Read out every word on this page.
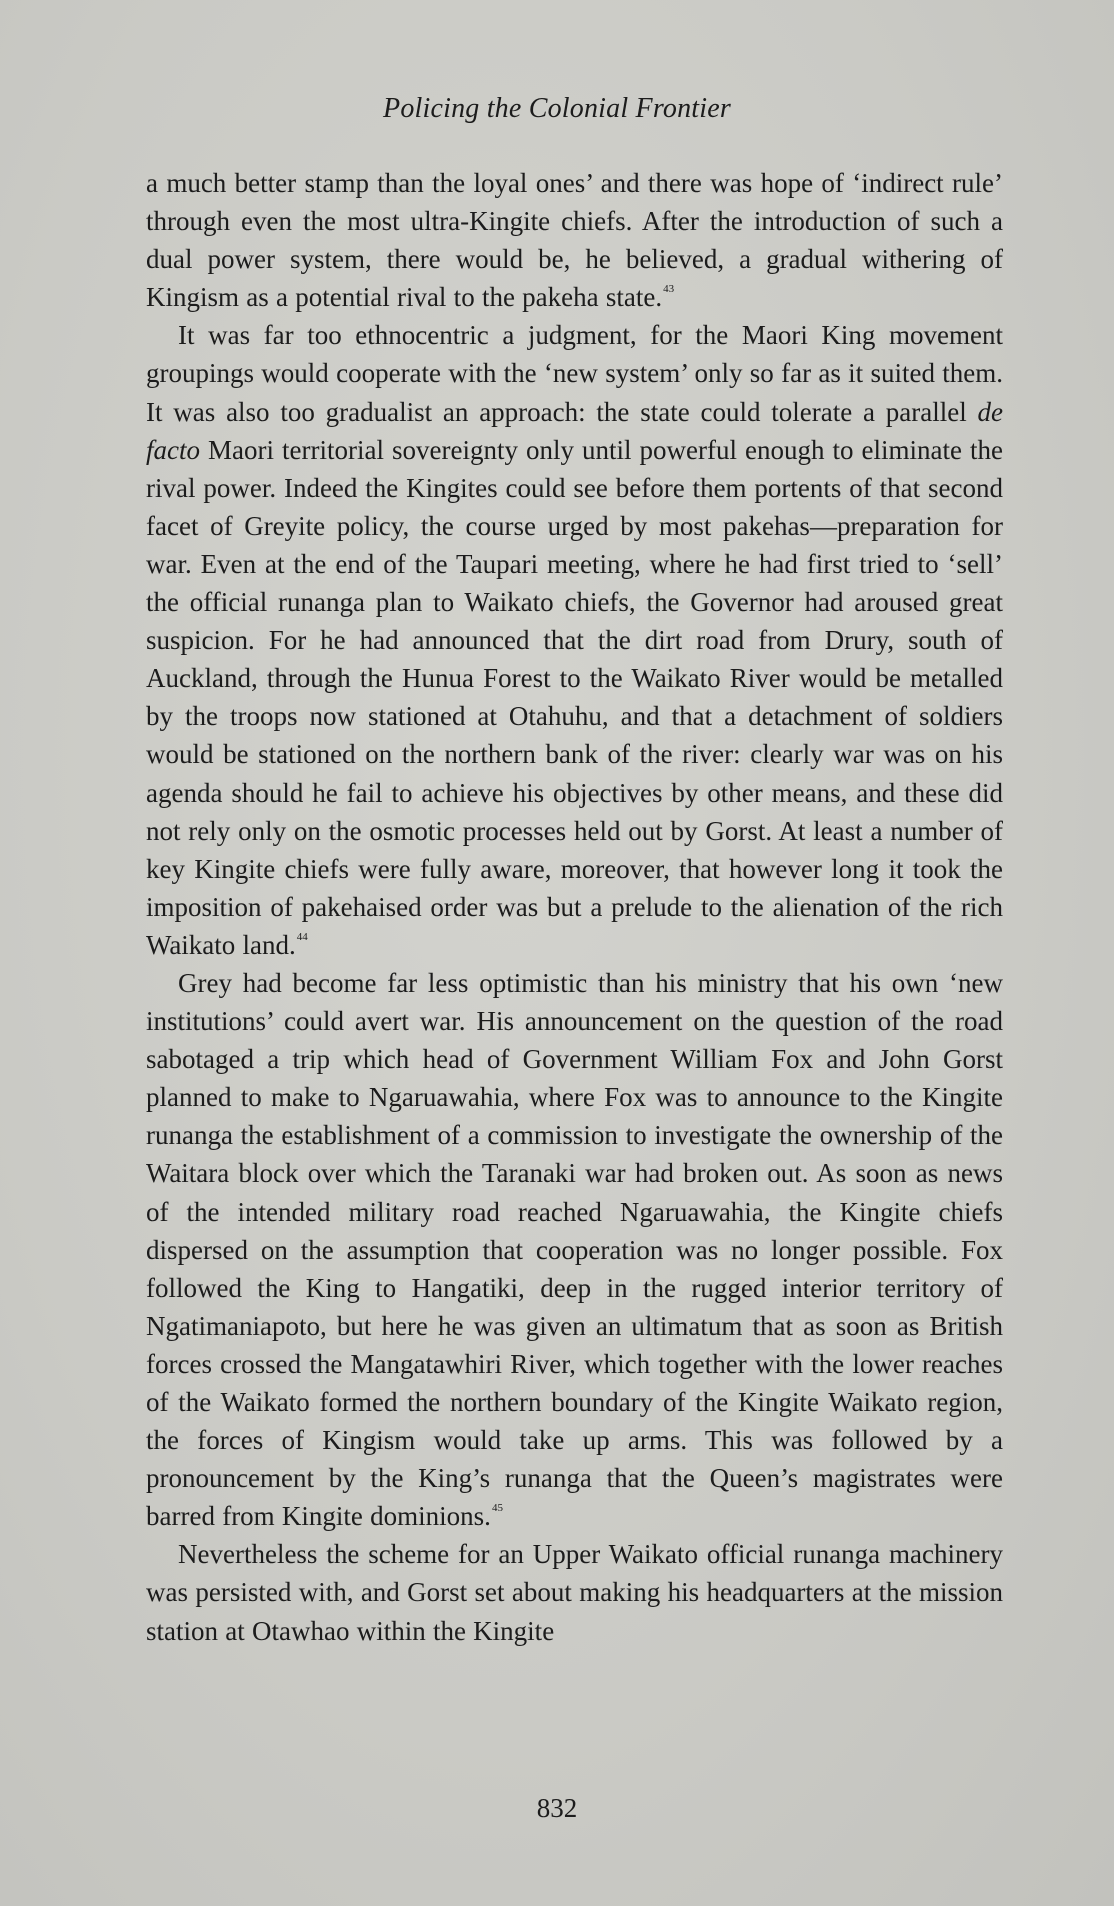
Policing the Colonial Frontier

a much better stamp than the loyal ones’ and there was hope of ‘indirect rule’ through even the most ultra-Kingite chiefs. After the introduction of such a dual power system, there would be, he believed, a gradual withering of Kingism as a potential rival to the pakeha state.$^{43}$

It was far too ethnocentric a judgment, for the Maori King movement groupings would cooperate with the ‘new system’ only so far as it suited them. It was also too gradualist an approach: the state could tolerate a parallel de facto Maori territorial sovereignty only until powerful enough to eliminate the rival power. Indeed the Kingites could see before them portents of that second facet of Greyite policy, the course urged by most pakehas—preparation for war. Even at the end of the Taupari meeting, where he had first tried to ‘sell’ the official runanga plan to Waikato chiefs, the Governor had aroused great suspicion. For he had announced that the dirt road from Drury, south of Auckland, through the Hunua Forest to the Waikato River would be metalled by the troops now stationed at Otahuhu, and that a detachment of soldiers would be stationed on the northern bank of the river: clearly war was on his agenda should he fail to achieve his objectives by other means, and these did not rely only on the osmotic processes held out by Gorst. At least a number of key Kingite chiefs were fully aware, moreover, that however long it took the imposition of pakehaised order was but a prelude to the alienation of the rich Waikato land.$^{44}$

Grey had become far less optimistic than his ministry that his own ‘new institutions’ could avert war. His announcement on the question of the road sabotaged a trip which head of Government William Fox and John Gorst planned to make to Ngaruawahia, where Fox was to announce to the Kingite runanga the establishment of a commission to investigate the ownership of the Waitara block over which the Taranaki war had broken out. As soon as news of the intended military road reached Ngaruawahia, the Kingite chiefs dispersed on the assumption that cooperation was no longer possible. Fox followed the King to Hangatiki, deep in the rugged interior territory of Ngatimaniapoto, but here he was given an ultimatum that as soon as British forces crossed the Mangatawhiri River, which together with the lower reaches of the Waikato formed the northern boundary of the Kingite Waikato region, the forces of Kingism would take up arms. This was followed by a pronouncement by the King’s runanga that the Queen’s magistrates were barred from Kingite dominions.$^{45}$

Nevertheless the scheme for an Upper Waikato official runanga machinery was persisted with, and Gorst set about making his headquarters at the mission station at Otawhao within the Kingite

832
